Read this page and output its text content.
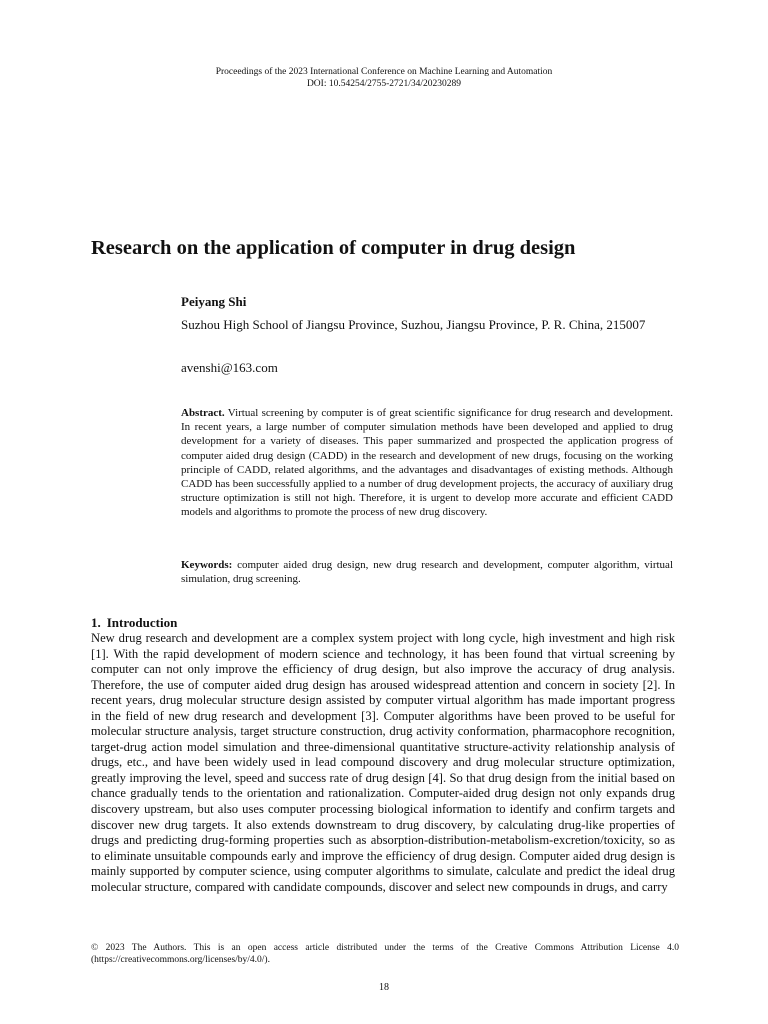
Proceedings of the 2023 International Conference on Machine Learning and Automation
DOI: 10.54254/2755-2721/34/20230289
Research on the application of computer in drug design

Peiyang Shi

Suzhou High School of Jiangsu Province, Suzhou, Jiangsu Province, P. R. China, 215007

avenshi@163.com

Abstract. Virtual screening by computer is of great scientific significance for drug research and development. In recent years, a large number of computer simulation methods have been developed and applied to drug development for a variety of diseases. This paper summarized and prospected the application progress of computer aided drug design (CADD) in the research and development of new drugs, focusing on the working principle of CADD, related algorithms, and the advantages and disadvantages of existing methods. Although CADD has been successfully applied to a number of drug development projects, the accuracy of auxiliary drug structure optimization is still not high. Therefore, it is urgent to develop more accurate and efficient CADD models and algorithms to promote the process of new drug discovery.

Keywords: computer aided drug design, new drug research and development, computer algorithm, virtual simulation, drug screening.

1. Introduction

New drug research and development are a complex system project with long cycle, high investment and high risk [1]. With the rapid development of modern science and technology, it has been found that virtual screening by computer can not only improve the efficiency of drug design, but also improve the accuracy of drug analysis. Therefore, the use of computer aided drug design has aroused widespread attention and concern in society [2]. In recent years, drug molecular structure design assisted by computer virtual algorithm has made important progress in the field of new drug research and development [3]. Computer algorithms have been proved to be useful for molecular structure analysis, target structure construction, drug activity conformation, pharmacophore recognition, target-drug action model simulation and three-dimensional quantitative structure-activity relationship analysis of drugs, etc., and have been widely used in lead compound discovery and drug molecular structure optimization, greatly improving the level, speed and success rate of drug design [4]. So that drug design from the initial based on chance gradually tends to the orientation and rationalization. Computer-aided drug design not only expands drug discovery upstream, but also uses computer processing biological information to identify and confirm targets and discover new drug targets. It also extends downstream to drug discovery, by calculating drug-like properties of drugs and predicting drug-forming properties such as absorption-distribution-metabolism-excretion/toxicity, so as to eliminate unsuitable compounds early and improve the efficiency of drug design. Computer aided drug design is mainly supported by computer science, using computer algorithms to simulate, calculate and predict the ideal drug molecular structure, compared with candidate compounds, discover and select new compounds in drugs, and carry

© 2023 The Authors. This is an open access article distributed under the terms of the Creative Commons Attribution License 4.0 (https://creativecommons.org/licenses/by/4.0/).

18
